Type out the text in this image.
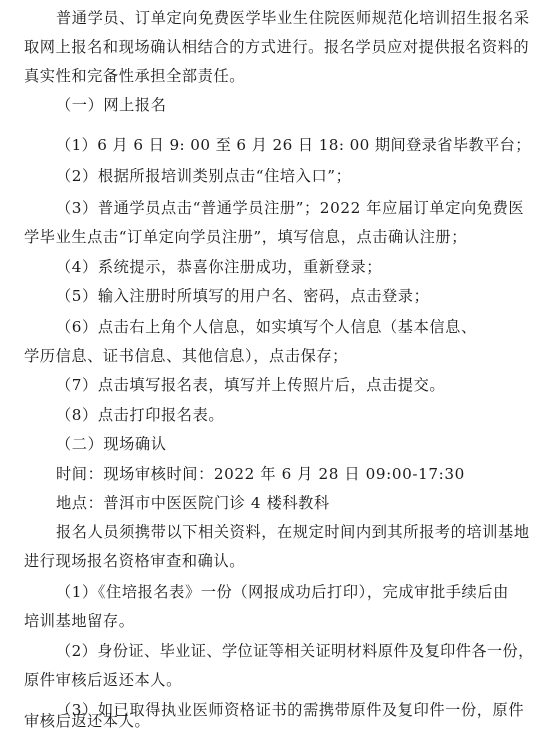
普通学员、订单定向免费医学毕业生住院医师规范化培训招生报名采
取网上报名和现场确认相结合的方式进行。报名学员应对提供报名资料的
真实性和完备性承担全部责任。
（一）网上报名
（1）6 月 6 日 9: 00 至 6 月 26 日 18: 00 期间登录省毕教平台；
（2）根据所报培训类别点击“住培入口”；
（3）普通学员点击“普通学员注册”；2022 年应届订单定向免费医
学毕业生点击“订单定向学员注册”，填写信息，点击确认注册；
（4）系统提示，恭喜你注册成功，重新登录；
（5）输入注册时所填写的用户名、密码，点击登录；
（6）点击右上角个人信息，如实填写个人信息（基本信息、
学历信息、证书信息、其他信息），点击保存；
（7）点击填写报名表，填写并上传照片后，点击提交。
（8）点击打印报名表。
（二）现场确认
时间：现场审核时间：2022 年 6 月 28 日 09:00-17:30
地点：普洱市中医医院门诊 4 楼科教科
报名人员须携带以下相关资料，在规定时间内到其所报考的培训基地
进行现场报名资格审查和确认。
（1）《住培报名表》一份（网报成功后打印），完成审批手续后由
培训基地留存。
（2）身份证、毕业证、学位证等相关证明材料原件及复印件各一份，
原件审核后返还本人。
（3）如已取得执业医师资格证书的需携带原件及复印件一份，原件
审核后返还本人。
